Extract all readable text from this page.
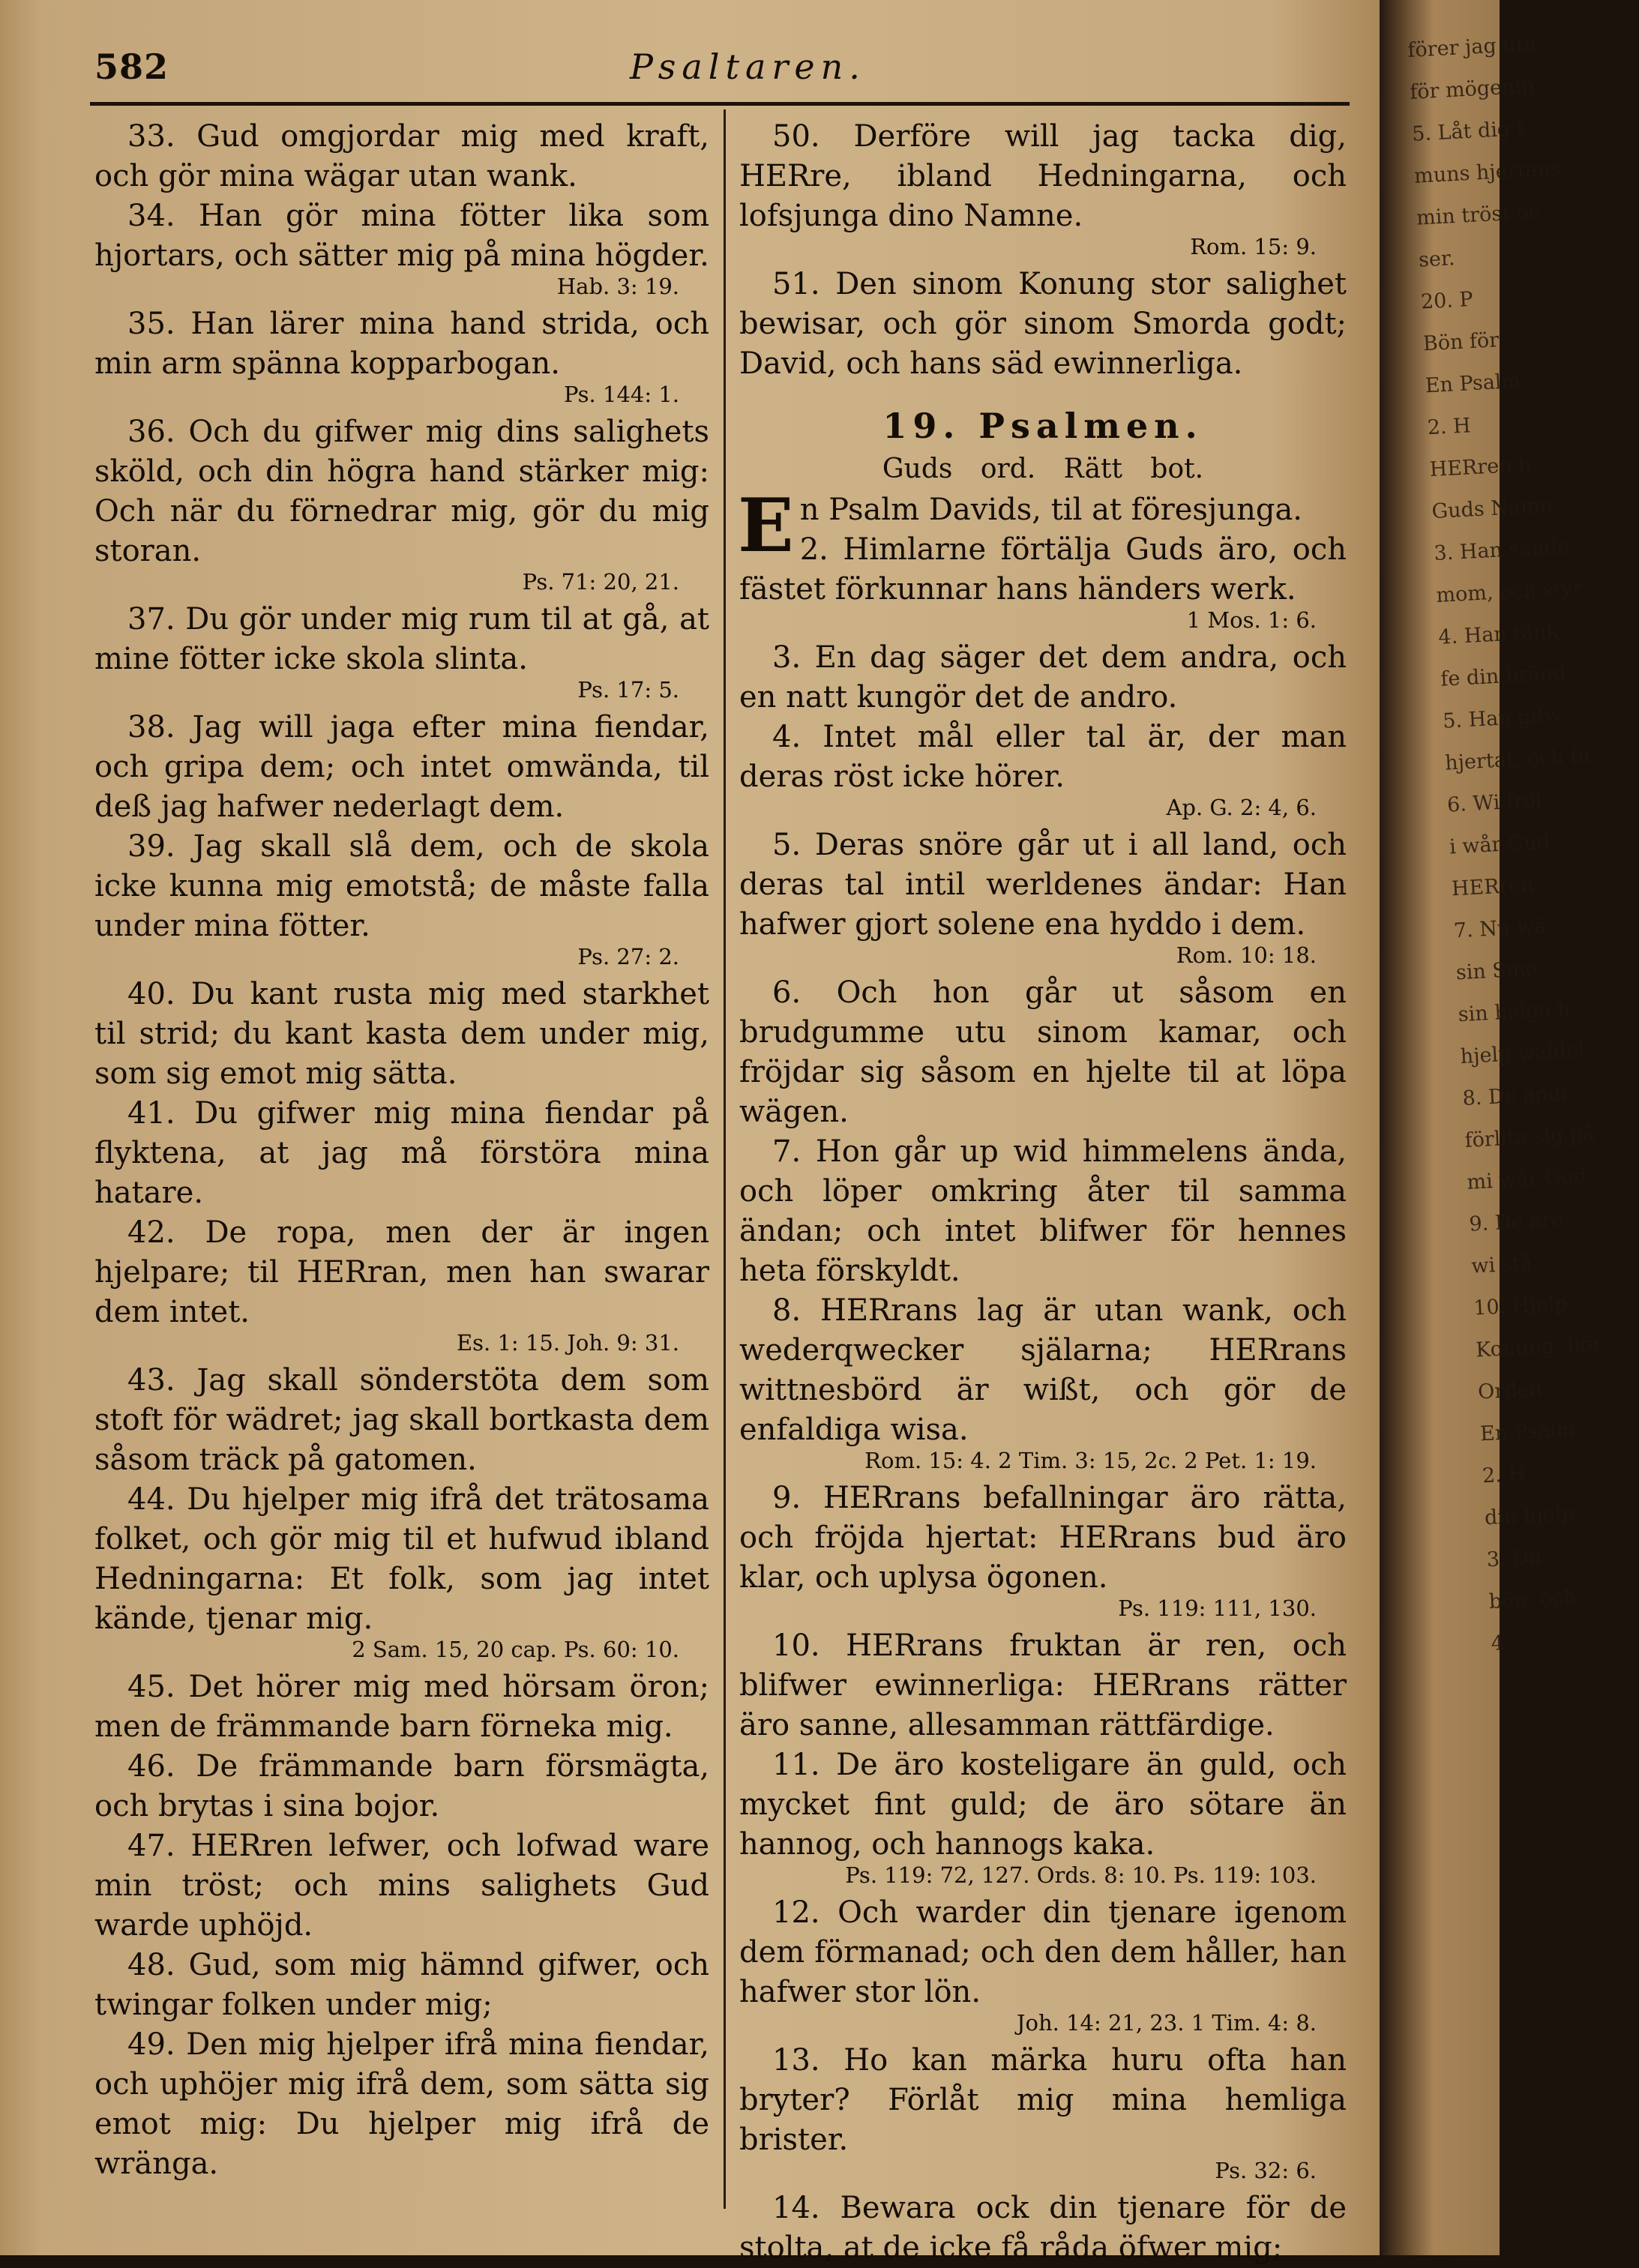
582	Psaltaren.
33. Gud omgjordar mig med kraft, och gör mina wägar utan wank.
34. Han gör mina fötter lika som hjortars, och sätter mig på mina högder.
Hab. 3: 19.
35. Han lärer mina hand strida, och min arm spänna kopparbogan.
Ps. 144: 1.
36. Och du gifwer mig dins salighets sköld, och din högra hand stärker mig: Och när du förnedrar mig, gör du mig storan.
Ps. 71: 20, 21.
37. Du gör under mig rum til at gå, at mine fötter icke skola slinta.
Ps. 17: 5.
38. Jag will jaga efter mina fiendar, och gripa dem; och intet omwända, til deß jag hafwer nederlagt dem.
39. Jag skall slå dem, och de skola icke kunna mig emotstå; de måste falla under mina fötter.
Ps. 27: 2.
40. Du kant rusta mig med starkhet til strid; du kant kasta dem under mig, som sig emot mig sätta.
41. Du gifwer mig mina fiendar på flyktena, at jag må förstöra mina hatare.
42. De ropa, men der är ingen hjelpare; til HERran, men han swarar dem intet.
Es. 1: 15. Joh. 9: 31.
43. Jag skall sönderstöta dem som stoft för wädret; jag skall bortkasta dem såsom träck på gatomen.
44. Du hjelper mig ifrå det trätosama folket, och gör mig til et hufwud ibland Hedningarna: Et folk, som jag intet kände, tjenar mig.
2 Sam. 15, 20 cap. Ps. 60: 10.
45. Det hörer mig med hörsam öron; men de främmande barn förneka mig.
46. De främmande barn försmägta, och brytas i sina bojor.
47. HERren lefwer, och lofwad ware min tröst; och mins salighets Gud warde uphöjd.
48. Gud, som mig hämnd gifwer, och twingar folken under mig;
49. Den mig hjelper ifrå mina fiendar, och uphöjer mig ifrå dem, som sätta sig emot mig: Du hjelper mig ifrå de wränga.
50. Derföre will jag tacka dig, HERre, ibland Hedningarna, och lofsjunga dino Namne.
Rom. 15: 9.
51. Den sinom Konung stor salighet bewisar, och gör sinom Smorda godt; David, och hans säd ewinnerliga.
19. Psalmen.
Guds ord. Rätt bot.
En Psalm Davids, til at föresjunga.
2. Himlarne förtälja Guds äro, och fästet förkunnar hans händers werk.
1 Mos. 1: 6.
3. En dag säger det dem andra, och en natt kungör det de andro.
4. Intet mål eller tal är, der man deras röst icke hörer.
Ap. G. 2: 4, 6.
5. Deras snöre går ut i all land, och deras tal intil werldenes ändar: Han hafwer gjort solene ena hyddo i dem.
Rom. 10: 18.
6. Och hon går ut såsom en brudgumme utu sinom kamar, och fröjdar sig såsom en hjelte til at löpa wägen.
7. Hon går up wid himmelens ända, och löper omkring åter til samma ändan; och intet blifwer för hennes heta förskyldt.
8. HERrans lag är utan wank, och wederqwecker själarna; HERrans wittnesbörd är wißt, och gör de enfaldiga wisa.
Rom. 15: 4. 2 Tim. 3: 15, 2c. 2 Pet. 1: 19.
9. HERrans befallningar äro rätta, och fröjda hjertat: HERrans bud äro klar, och uplysa ögonen.
Ps. 119: 111, 130.
10. HERrans fruktan är ren, och blifwer ewinnerliga: HERrans rätter äro sanne, allesamman rättfärdige.
11. De äro kosteligare än guld, och mycket fint guld; de äro sötare än hannog, och hannogs kaka.
Ps. 119: 72, 127. Ords. 8: 10. Ps. 119: 103.
12. Och warder din tjenare igenom dem förmanad; och den dem håller, han hafwer stor lön.
Joh. 14: 21, 23. 1 Tim. 4: 8.
13. Ho kan märka huru ofta han bryter? Förlåt mig mina hemliga brister.
Ps. 32: 6.
14. Bewara ock din tjenare för de stolta, at de icke få råda öfwer mig;
förer jag uta
för mögenin
5. Låt dig t
muns hjertans
min tröst oc
ser.
20. P
Bön för
En Psalm
2. H
HERren h
Guds Namn
3. Han sände
mom, och styr
4. Han tänk
fe din bränd
5. Han gifw
hjertat, och fu
6. Wi fröj
i wår Gud
HERren
7. Nu wä
sin Smo
sin helga h
hjelp wäldel
8. De andr
förlita sig på
mi wår Gud
9. De äro
wi stå
10. Hjelp
Konung, hör
Orden
En Psalm
2. H
din hjelp
3. Du
bön, och
4
